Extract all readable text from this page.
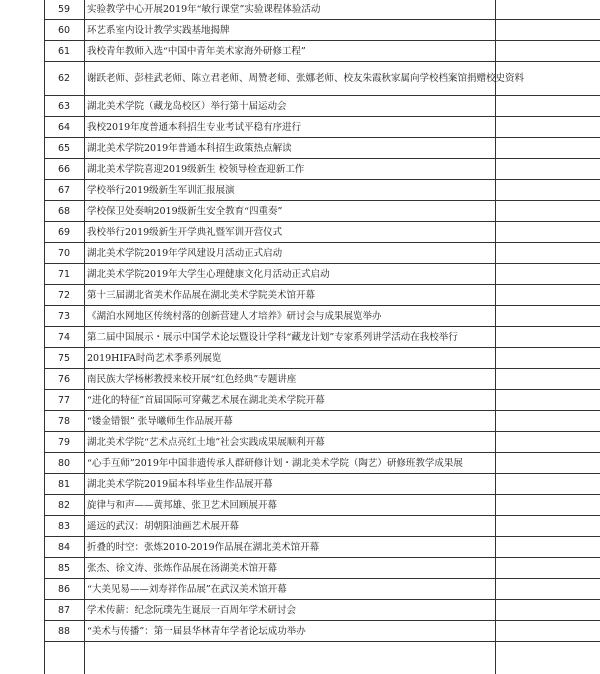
59	实验教学中心开展2019年“敏行课堂”实验课程体验活动
60	环艺系室内设计教学实践基地揭牌
61	我校青年教师入选“中国中青年美术家海外研修工程”
62	谢跃老师、彭桂武老师、陈立君老师、周赞老师、张娜老师、校友朱霞秋家属向学校档案馆捐赠校史资料
63	湖北美术学院（藏龙岛校区）举行第十届运动会
64	我校2019年度普通本科招生专业考试平稳有序进行
65	湖北美术学院2019年普通本科招生政策热点解读
66	湖北美术学院喜迎2019级新生 校领导检查迎新工作
67	学校举行2019级新生军训汇报展演
68	学校保卫处奏响2019级新生安全教育“四重奏”
69	我校举行2019级新生开学典礼暨军训开营仪式
70	湖北美术学院2019年学风建设月活动正式启动
71	湖北美术学院2019年大学生心理健康文化月活动正式启动
72	第十三届湖北省美术作品展在湖北美术学院美术馆开幕
73	《湖泊水网地区传统村落的创新营建人才培养》研讨会与成果展览举办
74	第二届中国展示・展示中国学术论坛暨设计学科“藏龙计划”专家系列讲学活动在我校举行
75	2019HIFA时尚艺术季系列展览
76	南民族大学杨彬教授来校开展“红色经典”专题讲座
77	“进化的特征”首届国际可穿戴艺术展在湖北美术学院开幕
78	“镂金错银” 张导曦师生作品展开幕
79	湖北美术学院“艺术点亮红土地”社会实践成果展顺利开幕
80	“心手互师”2019年中国非遗传承人群研修计划・湖北美术学院（陶艺）研修班教学成果展
81	湖北美术学院2019届本科毕业生作品展开幕
82	旋律与和声——黄邦雄、张卫艺术回顾展开幕
83	遥远的武汉：胡朝阳油画艺术展开幕
84	折叠的时空：张炼2010-2019作品展在湖北美术馆开幕
85	张杰、徐文涛、张炼作品展在汤湖美术馆开幕
86	“大美见易——刘寿祥作品展”在武汉美术馆开幕
87	学术传薪：纪念阮璞先生诞辰一百周年学术研讨会
88	“美术与传播”：第一届县华林青年学者论坛成功举办
